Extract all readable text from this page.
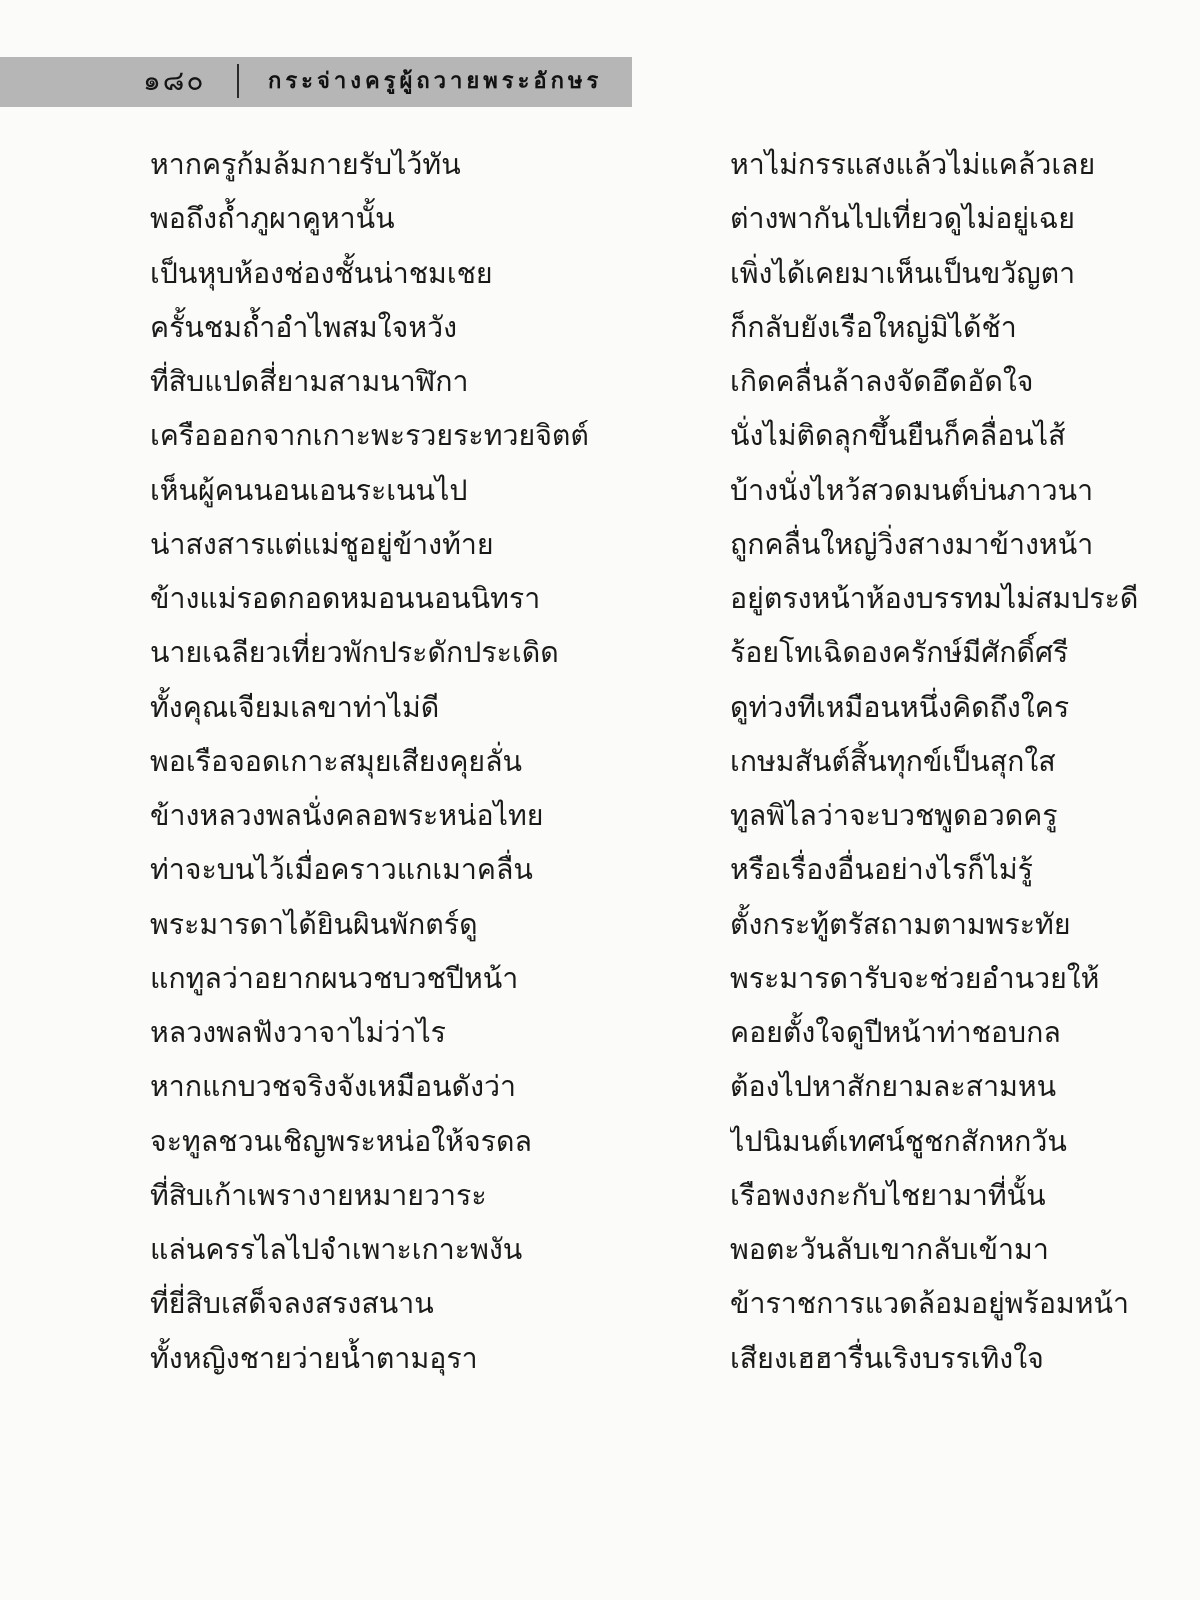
๑๘๐	กระจ่างครูผู้ถวายพระอักษร
หากครูก้มล้มกายรับไว้ทัน
พอถึงถ้ำภูผาคูหานั้น
เป็นหุบห้องช่องชั้นน่าชมเชย
ครั้นชมถ้ำอำไพสมใจหวัง
ที่สิบแปดสี่ยามสามนาฬิกา
เครือออกจากเกาะพะรวยระทวยจิตต์
เห็นผู้คนนอนเอนระเนนไป
น่าสงสารแต่แม่ชูอยู่ข้างท้าย
ข้างแม่รอดกอดหมอนนอนนิทรา
นายเฉลียวเที่ยวพักประดักประเดิด
ทั้งคุณเจียมเลขาท่าไม่ดี
พอเรือจอดเกาะสมุยเสียงคุยลั่น
ข้างหลวงพลนั่งคลอพระหน่อไทย
ท่าจะบนไว้เมื่อคราวแกเมาคลื่น
พระมารดาได้ยินผินพักตร์ดู
แกทูลว่าอยากผนวชบวชปีหน้า
หลวงพลฟังวาจาไม่ว่าไร
หากแกบวชจริงจังเหมือนดังว่า
จะทูลชวนเชิญพระหน่อให้จรดล
ที่สิบเก้าเพรางายหมายวาระ
แล่นครรไลไปจำเพาะเกาะพงัน
ที่ยี่สิบเสด็จลงสรงสนาน
ทั้งหญิงชายว่ายน้ำตามอุรา
หาไม่กรรแสงแล้วไม่แคล้วเลย
ต่างพากันไปเที่ยวดูไม่อยู่เฉย
เพิ่งได้เคยมาเห็นเป็นขวัญตา
ก็กลับยังเรือใหญ่มิได้ช้า
เกิดคลื่นล้าลงจัดอึดอัดใจ
นั่งไม่ติดลุกขึ้นยืนก็คลื่อนไส้
บ้างนั่งไหว้สวดมนต์บ่นภาวนา
ถูกคลื่นใหญ่วิ่งสางมาข้างหน้า
อยู่ตรงหน้าห้องบรรทมไม่สมประดี
ร้อยโทเฉิดองครักษ์มีศักดิ์ศรี
ดูท่วงทีเหมือนหนึ่งคิดถึงใคร
เกษมสันต์สิ้นทุกข์เป็นสุกใส
ทูลพิไลว่าจะบวชพูดอวดครู
หรือเรื่องอื่นอย่างไรก็ไม่รู้
ตั้งกระทู้ตรัสถามตามพระทัย
พระมารดารับจะช่วยอำนวยให้
คอยตั้งใจดูปีหน้าท่าชอบกล
ต้องไปหาสักยามละสามหน
ไปนิมนต์เทศน์ชูชกสักหกวัน
เรือพงงกะกับไชยามาที่นั้น
พอตะวันลับเขากลับเข้ามา
ข้าราชการแวดล้อมอยู่พร้อมหน้า
เสียงเฮฮารื่นเริงบรรเทิงใจ
